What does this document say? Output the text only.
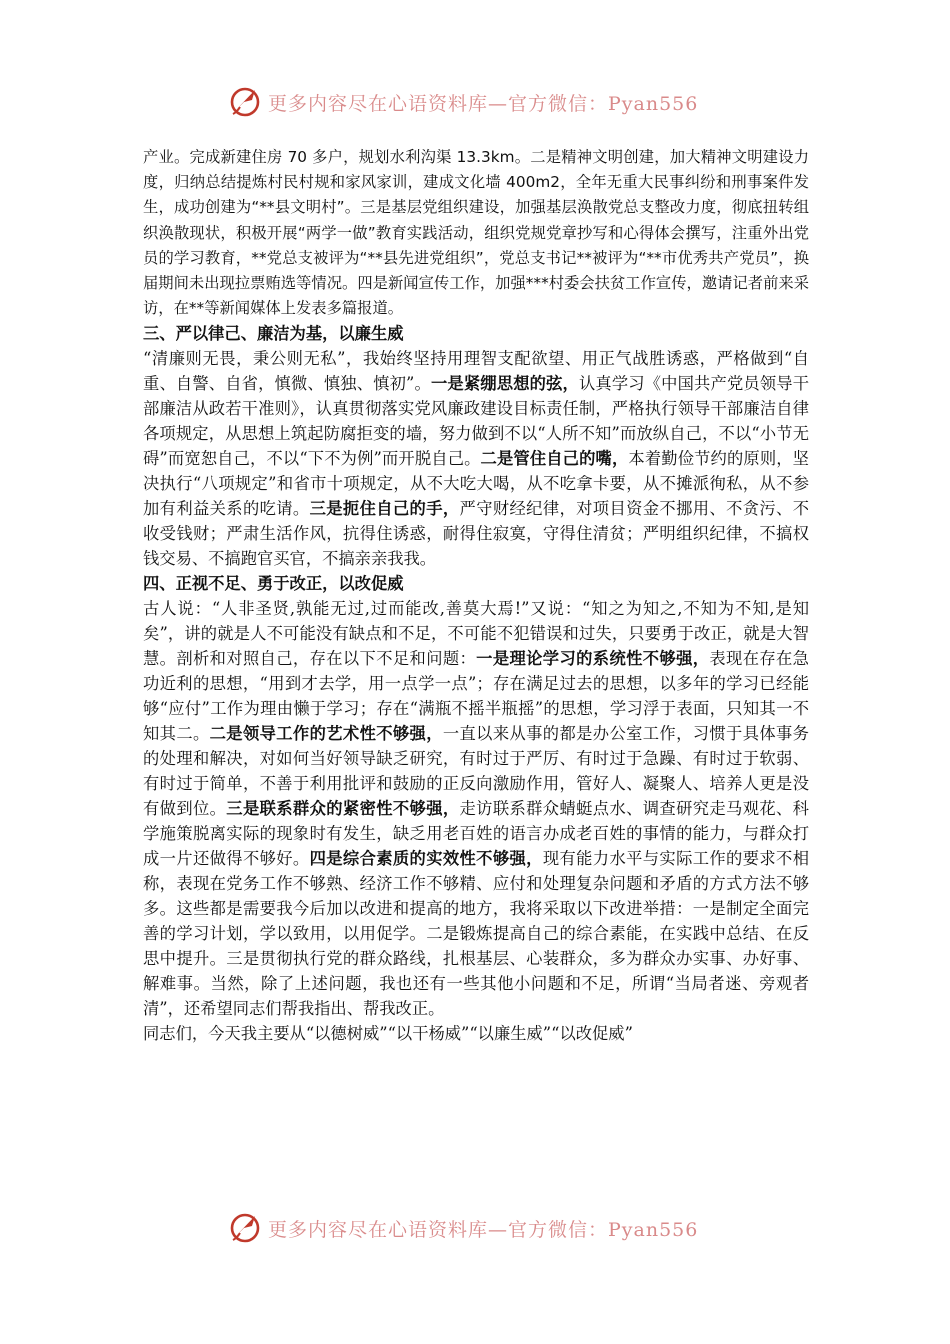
更多内容尽在心语资料库—官方微信：Pyan556

产业。完成新建住房 70 多户，规划水利沟渠 13.3km。二是精神文明创建，加大精神文明建设力度，归纳总结提炼村民村规和家风家训，建成文化墙 400m2，全年无重大民事纠纷和刑事案件发生，成功创建为“**县文明村”。三是基层党组织建设，加强基层涣散党总支整改力度，彻底扭转组织涣散现状，积极开展“两学一做”教育实践活动，组织党规党章抄写和心得体会撰写，注重外出党员的学习教育，**党总支被评为“**县先进党组织”，党总支书记**被评为“**市优秀共产党员”，换届期间未出现拉票贿选等情况。四是新闻宣传工作，加强***村委会扶贫工作宣传，邀请记者前来采访，在**等新闻媒体上发表多篇报道。

三、严以律己、廉洁为基，以廉生威

“清廉则无畏，秉公则无私”，我始终坚持用理智支配欲望、用正气战胜诱惑，严格做到“自重、自警、自省，慎微、慎独、慎初”。一是紧绷思想的弦，认真学习《中国共产党员领导干部廉洁从政若干准则》，认真贯彻落实党风廉政建设目标责任制，严格执行领导干部廉洁自律各项规定，从思想上筑起防腐拒变的墙，努力做到不以“人所不知”而放纵自己，不以“小节无碍”而宽恕自己，不以“下不为例”而开脱自己。二是管住自己的嘴，本着勤俭节约的原则，坚决执行“八项规定”和省市十项规定，从不大吃大喝，从不吃拿卡要，从不摊派徇私，从不参加有利益关系的吃请。三是扼住自己的手，严守财经纪律，对项目资金不挪用、不贪污、不收受钱财；严肃生活作风，抗得住诱惑，耐得住寂寞，守得住清贫；严明组织纪律，不搞权钱交易、不搞跑官买官，不搞亲亲我我。

四、正视不足、勇于改正，以改促威

古人说：“人非圣贤,孰能无过,过而能改,善莫大焉!”又说：“知之为知之,不知为不知,是知矣”，讲的就是人不可能没有缺点和不足，不可能不犯错误和过失，只要勇于改正，就是大智慧。剖析和对照自己，存在以下不足和问题：一是理论学习的系统性不够强，表现在存在急功近利的思想，“用到才去学，用一点学一点”；存在满足过去的思想，以多年的学习已经能够“应付”工作为理由懒于学习；存在“满瓶不摇半瓶摇”的思想，学习浮于表面，只知其一不知其二。二是领导工作的艺术性不够强，一直以来从事的都是办公室工作，习惯于具体事务的处理和解决，对如何当好领导缺乏研究，有时过于严厉、有时过于急躁、有时过于软弱、有时过于简单，不善于利用批评和鼓励的正反向激励作用，管好人、凝聚人、培养人更是没有做到位。三是联系群众的紧密性不够强，走访联系群众蜻蜓点水、调查研究走马观花、科学施策脱离实际的现象时有发生，缺乏用老百姓的语言办成老百姓的事情的能力，与群众打成一片还做得不够好。四是综合素质的实效性不够强，现有能力水平与实际工作的要求不相称，表现在党务工作不够熟、经济工作不够精、应付和处理复杂问题和矛盾的方式方法不够多。这些都是需要我今后加以改进和提高的地方，我将采取以下改进举措：一是制定全面完善的学习计划，学以致用，以用促学。二是锻炼提高自己的综合素能，在实践中总结、在反思中提升。三是贯彻执行党的群众路线，扎根基层、心装群众，多为群众办实事、办好事、解难事。当然，除了上述问题，我也还有一些其他小问题和不足，所谓“当局者迷、旁观者清”，还希望同志们帮我指出、帮我改正。

同志们，今天我主要从“以德树威”“以干杨威”“以廉生威”“以改促威”

更多内容尽在心语资料库—官方微信：Pyan556
